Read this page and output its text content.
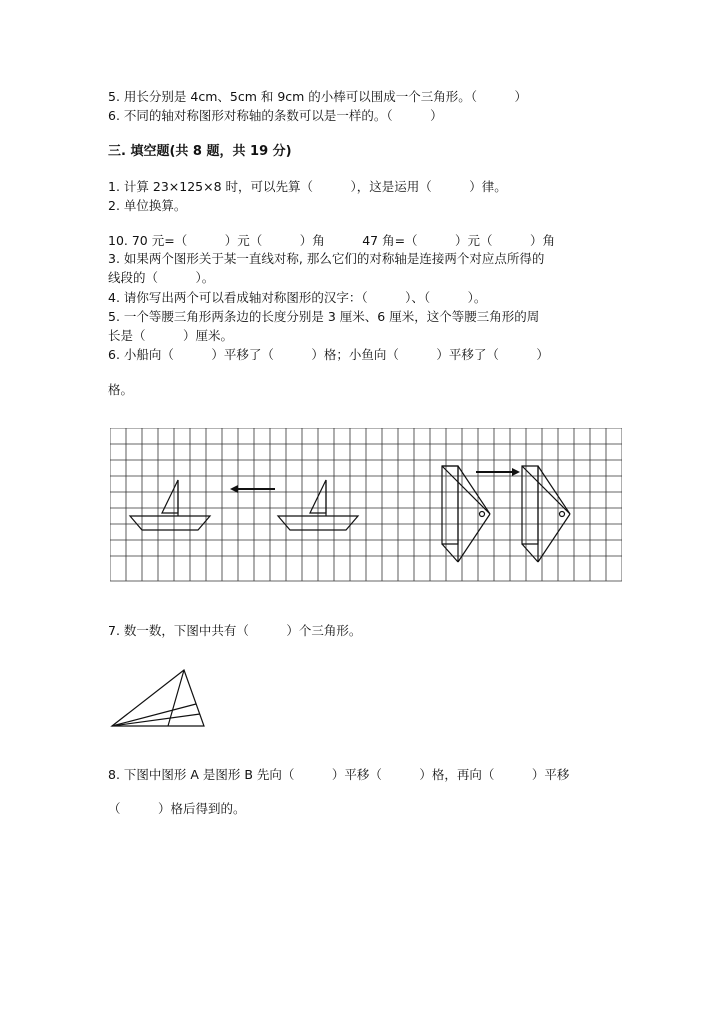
5. 用长分别是 4cm、5cm 和 9cm 的小棒可以围成一个三角形。（　　　）
6. 不同的轴对称图形对称轴的条数可以是一样的。（　　　）
三. 填空题(共 8 题，共 19 分)
1. 计算 23×125×8 时，可以先算（　　　），这是运用（　　　）律。
2. 单位换算。
10. 70 元=（　　　）元（　　　）角　　　47 角=（　　　）元（　　　）角
3. 如果两个图形关于某一直线对称, 那么它们的对称轴是连接两个对应点所得的
线段的（　　　）。
4. 请你写出两个可以看成轴对称图形的汉字：（　　　）、（　　　）。
5. 一个等腰三角形两条边的长度分别是 3 厘米、6 厘米，这个等腰三角形的周
长是（　　　）厘米。
6. 小船向（　　　）平移了（　　　）格；小鱼向（　　　）平移了（　　　）
格。
7. 数一数，下图中共有（　　　）个三角形。
8. 下图中图形 A 是图形 B 先向（　　　）平移（　　　）格，再向（　　　）平移
（　　　）格后得到的。
